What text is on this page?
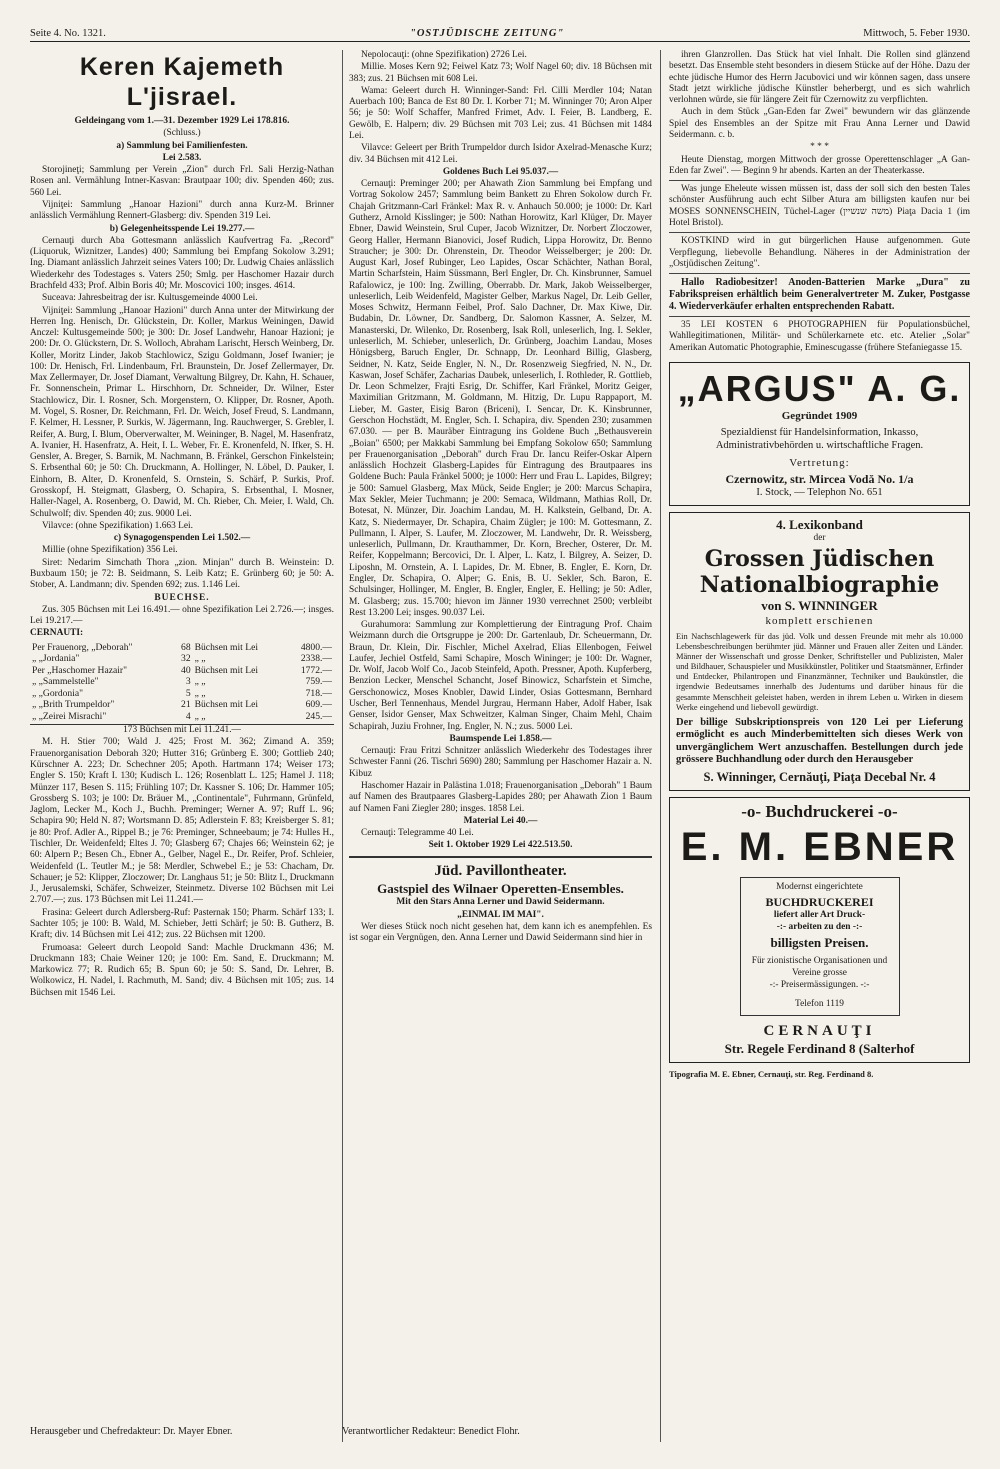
Seite 4. No. 1321.	"OSTJÜDISCHE ZEITUNG"	Mittwoch, 5. Feber 1930.
Keren Kajemeth L'jisrael.

Geldeingang vom 1.—31. Dezember 1929 Lei 178.816.

(Schluss.)

a) Sammlung bei Familienfesten.

Lei 2.583.

Storojineţi; Sammlung per Verein „Zion" durch Frl. Sali Herzig-Nathan Rosen anl. Vermählung Intner-Kasvan: Brautpaar 100; div. Spenden 460; zus. 560 Lei.

Vijniţei: Sammlung „Hanoar Hazioni" durch anna Kurz-M. Brinner anlässlich Vermählung Rennert-Glasberg: div. Spenden 319 Lei.

b) Gelegenheitsspende Lei 19.277.—

Cernauţi durch Aba Gottesmann anlässlich Kaufvertrag Fa. „Record" (Liquoruk, Wiznitzer, Landes) 400; Sammlung bei Empfang Sokolow 3.291; Ing. Diamant anlässlich Jahrzeit seines Vaters 100; Dr. Ludwig Chaies anlässlich Wiederkehr des Todestages s. Vaters 250; Smlg. per Haschomer Hazair durch Brachfeld 433; Prof. Albin Boris 40; Mr. Moscovici 100; insges. 4614.

Suceava: Jahresbeitrag der isr. Kultusgemeinde 4000 Lei.

Vijniţei: Sammlung „Hanoar Hazioni" durch Anna unter der Mitwirkung der Herren Ing. Henisch, Dr. Glückstein, Dr. Koller, Markus Weiningen, Dawid Anczel: Kultusgemeinde 500; je 300: Dr. Josef Landwehr, Hanoar Hazioni; je 200: Dr. O. Glückstern, Dr. S. Wolloch, Abraham Larischt, Hersch Weinberg, Dr. Koller, Moritz Linder, Jakob Stachlowicz, Szigu Goldmann, Josef Iwanier; je 100: Dr. Henisch, Frl. Lindenbaum, Frl. Braunstein, Dr. Josef Zellermayer, Dr. Max Zellermayer, Dr. Josef Diamant, Verwaltung Bilgrey, Dr. Kahn, H. Schauer, Fr. Sonnenschein, Primar L. Hirschhorn, Dr. Schneider, Dr. Wilner, Ester Stachlowicz, Dir. I. Rosner, Sch. Morgenstern, O. Klipper, Dr. Rosner, Apoth. M. Vogel, S. Rosner, Dr. Reichmann, Frl. Dr. Weich, Josef Freud, S. Landmann, F. Kelmer, H. Lessner, P. Surkis, W. Jägermann, Ing. Rauchwerger, S. Grebler, I. Reifer, A. Burg, I. Blum, Oberverwalter, M. Weininger, B. Nagel, M. Hasenfratz, A. Ivanier, H. Hasenfratz, A. Heit, I. L. Weber, Fr. E. Kronenfeld, N. Ifker, S. H. Gensler, A. Breger, S. Barnik, M. Nachmann, B. Fränkel, Gerschon Finkelstein; S. Erbsenthal 60; je 50: Ch. Druckmann, A. Hollinger, N. Löbel, D. Pauker, I. Einhorn, B. Alter, D. Kronenfeld, S. Ornstein, S. Schärf, P. Surkis, Prof. Grosskopf, H. Steigmatt, Glasberg, O. Schapira, S. Erbsenthal, I. Mosner, Haller-Nagel, A. Rosenberg, O. Dawid, M. Ch. Rieber, Ch. Meier, I. Wald, Ch. Schulwolf; div. Spenden 40; zus. 9000 Lei.

Vilavce: (ohne Spezifikation) 1.663 Lei.

c) Synagogenspenden Lei 1.502.—

Millie (ohne Spezifikation) 356 Lei.

Siret: Nedarim Simchath Thora „zion. Minjan" durch B. Weinstein: D. Buxbaum 150; je 72: B. Seidmann, S. Leib Katz; E. Grünberg 60; je 50: A. Stober, A. Landmann; div. Spenden 692; zus. 1.146 Lei.

BUECHSE.

Zus. 305 Büchsen mit Lei 16.491.— ohne Spezifikation Lei 2.726.—; insges. Lei 19.217.—

CERNAUTI:

Per Frauenorg, „Deborah"	68	Büchsen mit Lei	4800.—
„ „Jordania"	32	„ „	2338.—
Per „Haschomer Hazair"	40	Büchsen mit Lei	1772.—
„ „Sammelstelle"	3	„ „	759.—
„ „Gordonia"	5	„ „	718.—
„ „Brith Trumpeldor"	21	Büchsen mit Lei	609.—
„ „Zeirei Misrachi"	4	„ „	245.—

173 Büchsen mit Lei 11.241.—

M. H. Stier 700; Wald J. 425; Frost M. 362; Zimand A. 359; Frauenorganisation Deborah 320; Hutter 316; Grünberg E. 300; Gottlieb 240; Kürschner A. 223; Dr. Schechner 205; Apoth. Hartmann 174; Weiser 173; Engler S. 150; Kraft I. 130; Kudisch L. 126; Rosenblatt L. 125; Hamel J. 118; Münzer 117, Besen S. 115; Frühling 107; Dr. Kassner S. 106; Dr. Hammer 105; Grossberg S. 103; je 100: Dr. Bräuer M., „Continentale", Fuhrmann, Grünfeld, Jaglom, Lecker M., Koch J., Buchh. Preminger; Werner A. 97; Ruff L. 96; Schapira 90; Held N. 87; Wortsmann D. 85; Adlerstein F. 83; Kreisberger S. 81; je 80: Prof. Adler A., Rippel B.; je 76: Preminger, Schneebaum; je 74: Hulles H., Tischler, Dr. Weidenfeld; Eltes J. 70; Glasberg 67; Chajes 66; Weinstein 62; je 60: Alpern P.; Besen Ch., Ebner A., Gelber, Nagel E., Dr. Reifer, Prof. Schleier, Weidenfeld (L. Teutler M.; je 58: Merdler, Schwebel E.; je 53: Chacham, Dr. Schauer; je 52: Klipper, Zloczower; Dr. Langhaus 51; je 50: Blitz I., Druckmann J., Jerusalemski, Schäfer, Schweizer, Steinmetz. Diverse 102 Büchsen mit Lei 2.707.—; zus. 173 Büchsen mit Lei 11.241.—

Frasina: Geleert durch Adlersberg-Ruf: Pasternak 150; Pharm. Schärf 133; I. Sachter 105; je 100: B. Wald, M. Schieber, Jetti Schärf; je 50: B. Gutherz, B. Kraft; div. 14 Büchsen mit Lei 412; zus. 22 Büchsen mit 1200.

Frumoasa: Geleert durch Leopold Sand: Machle Druckmann 436; M. Druckmann 183; Chaie Weiner 120; je 100: Em. Sand, E. Druckmann; M. Markowicz 77; R. Rudich 65; B. Spun 60; je 50: S. Sand, Dr. Lehrer, B. Wolkowicz, H. Nadel, I. Rachmuth, M. Sand; div. 4 Büchsen mit 105; zus. 14 Büchsen mit 1546 Lei.

Nepolocauţi: (ohne Spezifikation) 2726 Lei.

Millie. Moses Kern 92; Feiwel Katz 73; Wolf Nagel 60; div. 18 Büchsen mit 383; zus. 21 Büchsen mit 608 Lei.

Wama: Geleert durch H. Winninger-Sand: Frl. Cilli Merdler 104; Natan Auerbach 100; Banca de Est 80 Dr. I. Korber 71; M. Winninger 70; Aron Alper 56; je 50: Wolf Schaffer, Manfred Frimet, Adv. I. Feier, B. Landberg, E. Gewölb, E. Halpern; div. 29 Büchsen mit 703 Lei; zus. 41 Büchsen mit 1484 Lei.

Vilavce: Geleert per Brith Trumpeldor durch Isidor Axelrad-Menasche Kurz; div. 34 Büchsen mit 412 Lei.

Goldenes Buch Lei 95.037.—

Cernauţi: Preminger 200; per Ahawath Zion Sammlung bei Empfang und Vortrag Sokolow 2457; Sammlung beim Bankett zu Ehren Sokolow durch Fr. Chajah Gritzmann-Carl Fränkel: Max R. v. Anhauch 50.000; je 1000: Dr. Karl Gutherz, Arnold Kisslinger; je 500: Nathan Horowitz, Karl Klüger, Dr. Mayer Ebner, Dawid Weinstein, Srul Cuper, Jacob Wiznitzer, Dr. Norbert Zloczower, Georg Haller, Hermann Bianovici, Josef Rudich, Lippa Horowitz, Dr. Benno Straucher; je 300: Dr. Ohrenstein, Dr. Theodor Weisselberger; je 200: Dr. August Karl, Josef Rubinger, Leo Lapides, Oscar Schächter, Nathan Boral, Martin Scharfstein, Haim Süssmann, Berl Engler, Dr. Ch. Kinsbrunner, Samuel Rafalowicz, je 100: Ing. Zwilling, Oberrabb. Dr. Mark, Jakob Weisselberger, unleserlich, Leib Weidenfeld, Magister Gelber, Markus Nagel, Dr. Leib Geller, Moses Schwitz, Hermann Feibel, Prof. Salo Dachner, Dr. Max Kiwe, Dir. Budabin, Dr. Löwner, Dr. Sandberg, Dr. Salomon Kassner, A. Selzer, M. Manasterski, Dr. Wilenko, Dr. Rosenberg, Isak Roll, unleserlich, Ing. I. Sekler, unleserlich, M. Schieber, unleserlich, Dr. Grünberg, Joachim Landau, Moses Hönigsberg, Baruch Engler, Dr. Schnapp, Dr. Leonhard Billig, Glasberg, Seidner, N. Katz, Seide Engler, N. N., Dr. Rosenzweig Siegfried, N. N., Dr. Kaswan, Josef Schäfer, Zacharias Daubek, unleserlich, I. Rothleder, R. Gottlieb, Dr. Leon Schmelzer, Frajti Esrig, Dr. Schiffer, Karl Fränkel, Moritz Geiger, Maximilian Gritzmann, M. Goldmann, M. Hitzig, Dr. Lupu Rappaport, M. Lieber, M. Gaster, Eisig Baron (Briceni), I. Sencar, Dr. K. Kinsbrunner, Gerschon Hochstädt, M. Engler, Sch. I. Schapira, div. Spenden 230; zusammen 67.030. — per B. Mauräber Eintragung ins Goldene Buch „Bethausverein „Boian" 6500; per Makkabi Sammlung bei Empfang Sokolow 650; Sammlung per Frauenorganisation „Deborah" durch Frau Dr. Iancu Reifer-Oskar Alpern anlässlich Hochzeit Glasberg-Lapides für Eintragung des Brautpaares ins Goldene Buch: Paula Fränkel 5000; je 1000: Herr und Frau L. Lapides, Bilgrey; je 500: Samuel Glasberg, Max Mück, Seide Engler; je 200: Marcus Schapira, Max Sekler, Meier Tuchmann; je 200: Semaca, Wildmann, Mathias Roll, Dr. Botesat, N. Münzer, Dir. Joachim Landau, M. H. Kalkstein, Gelband, Dr. A. Katz, S. Niedermayer, Dr. Schapira, Chaim Zügler; je 100: M. Gottesmann, Z. Pullmann, I. Alper, S. Laufer, M. Zloczower, M. Landwehr, Dr. R. Weissberg, unleserlich, Pullmann, Dr. Krauthammer, Dr. Korn, Brecher, Osterer, Dr. M. Reifer, Koppelmann; Bercovici, Dr. I. Alper, L. Katz, I. Bilgrey, A. Seizer, D. Liposhn, M. Ornstein, A. I. Lapides, Dr. M. Ebner, B. Engler, E. Korn, Dr. Engler, Dr. Schapira, O. Alper; G. Enis, B. U. Sekler, Sch. Baron, E. Schulsinger, Hollinger, M. Engler, B. Engler, Engler, E. Helling; je 50: Adler, M. Glasberg; zus. 15.700; hievon im Jänner 1930 verrechnet 2500; verbleibt Rest 13.200 Lei; insges. 90.037 Lei.

Gurahumora: Sammlung zur Komplettierung der Eintragung Prof. Chaim Weizmann durch die Ortsgruppe je 200: Dr. Gartenlaub, Dr. Scheuermann, Dr. Braun, Dr. Klein, Dir. Fischler, Michel Axelrad, Elias Ellenbogen, Feiwel Laufer, Jechiel Ostfeld, Sami Schapire, Mosch Wininger; je 100: Dr. Wagner, Dr. Wolf, Jacob Wolf Co., Jacob Steinfeld, Apoth. Pressner, Apoth. Kupferberg, Benzion Lecker, Menschel Schancht, Josef Binowicz, Scharfstein et Simche, Gerschonowicz, Moses Knobler, Dawid Linder, Osias Gottesmann, Bernhard Uscher, Berl Tennenhaus, Mendel Jurgrau, Hermann Haber, Adolf Haber, Isak Genser, Isidor Genser, Max Schweitzer, Kalman Singer, Chaim Mehl, Chaim Schapirah, Juziu Frohner, Ing. Engler, N. N.; zus. 5000 Lei.

Baumspende Lei 1.858.—

Cernauţi: Frau Fritzi Schnitzer anlässlich Wiederkehr des Todestages ihrer Schwester Fanni (26. Tischri 5690) 280; Sammlung per Haschomer Hazair a. N. Kibuz

Haschomer Hazair in Palästina 1.018; Frauenorganisation „Deborah" 1 Baum auf Namen des Brautpaares Glasberg-Lapides 280; per Ahawath Zion 1 Baum auf Namen Fani Ziegler 280; insges. 1858 Lei.

Material Lei 40.—

Cernauţi: Telegramme 40 Lei.

Seit 1. Oktober 1929 Lei 422.513.50.

Jüd. Pavillontheater.

Gastspiel des Wilnaer Operetten-Ensembles.

Mit den Stars Anna Lerner und Dawid Seidermann.

„EINMAL IM MAI".

Wer dieses Stück noch nicht gesehen hat, dem kann ich es anempfehlen. Es ist sogar ein Vergnügen, den. Anna Lerner und Dawid Seidermann sind hier in

ihren Glanzrollen. Das Stück hat viel Inhalt. Die Rollen sind glänzend besetzt. Das Ensemble steht besonders in diesem Stücke auf der Höhe. Dazu der echte jüdische Humor des Herrn Jacubovici und wir können sagen, dass unsere Stadt jetzt wirkliche jüdische Künstler beherbergt, und es sich wahrlich verlohnen würde, sie für längere Zeit für Czernowitz zu verpflichten.

Auch in dem Stück „Gan-Eden far Zwei" bewundern wir das glänzende Spiel des Ensembles an der Spitze mit Frau Anna Lerner und Dawid Seidermann. c. b.

* * *

Heute Dienstag, morgen Mittwoch der grosse Operettenschlager „A Gan-Eden far Zwei". — Beginn 9 hr abends. Karten an der Theaterkasse.

Was junge Eheleute wissen müssen ist, dass der soll sich den besten Tales schönster Ausführung auch echt Silber Atura am billigsten kaufen nur bei MOSES SONNENSCHEIN, Tüchel-Lager (משה שנשיין) Piaţa Dacia 1 (im Hotel Bristol).

KOSTKIND wird in gut bürgerlichen Hause aufgenommen. Gute Verpflegung, liebevolle Behandlung. Näheres in der Administration der „Ostjüdischen Zeitung".

Hallo Radiobesitzer! Anoden-Batterien Marke „Dura" zu Fabrikspreisen erhältlich beim Generalvertreter M. Zuker, Postgasse 4. Wiederverkäufer erhalten entsprechenden Rabatt.

35 LEI KOSTEN 6 PHOTOGRAPHIEN für Populationsbüchel, Wahllegitimationen, Militär- und Schülerkarnete etc. etc. Atelier „Solar" Amerikan Automatic Photographie, Eminescugasse (frühere Stefaniegasse 15.

„ARGUS" A. G.

Gegründet 1909

Spezialdienst für Handelsinformation, Inkasso, Administrativbehörden u. wirtschaftliche Fragen.

Vertretung:

Czernowitz, str. Mircea Vodă No. 1/a

I. Stock, — Telephon No. 651

4. Lexikonband

der

Grossen Jüdischen Nationalbiographie

von S. WINNINGER

komplett erschienen

Ein Nachschlagewerk für das jüd. Volk und dessen Freunde mit mehr als 10.000 Lebensbeschreibungen berühmter jüd. Männer und Frauen aller Zeiten und Länder. Männer der Wissenschaft und grosse Denker, Schriftsteller und Publizisten, Maler und Bildhauer, Schauspieler und Musikkünstler, Politiker und Staatsmänner, Erfinder und Entdecker, Philantropen und Finanzmänner, Techniker und Baukünstler, die irgendwie Bedeutsames innerhalb des Judentums und darüber hinaus für die gesammte Menschheit geleistet haben, werden in ihrem Leben u. Wirken in diesem Werke eingehend und liebevoll gewürdigt.

Der billige Subskriptionspreis von 120 Lei per Lieferung ermöglicht es auch Minderbemittelten sich dieses Werk von unvergänglichem Wert anzuschaffen. Bestellungen durch jede grössere Buchhandlung oder durch den Herausgeber

S. Winninger, Cernăuţi, Piaţa Decebal Nr. 4

-o- Buchdruckerei -o-

E. M. EBNER

Modernst eingerichtete

BUCHDRUCKEREI

liefert aller Art Druck-

-:- arbeiten zu den -:-

billigsten Preisen.

Für zionistische Organisationen und Vereine grosse

-:- Preisermässigungen. -:-

Telefon 1119

CERNAUŢI

Str. Regele Ferdinand 8 (Salterhof

Tipografia M. E. Ebner, Cernauţi, str. Reg. Ferdinand 8.

Herausgeber und Chefredakteur: Dr. Mayer Ebner.	Verantwortlicher Redakteur: Benedict Flohr.
